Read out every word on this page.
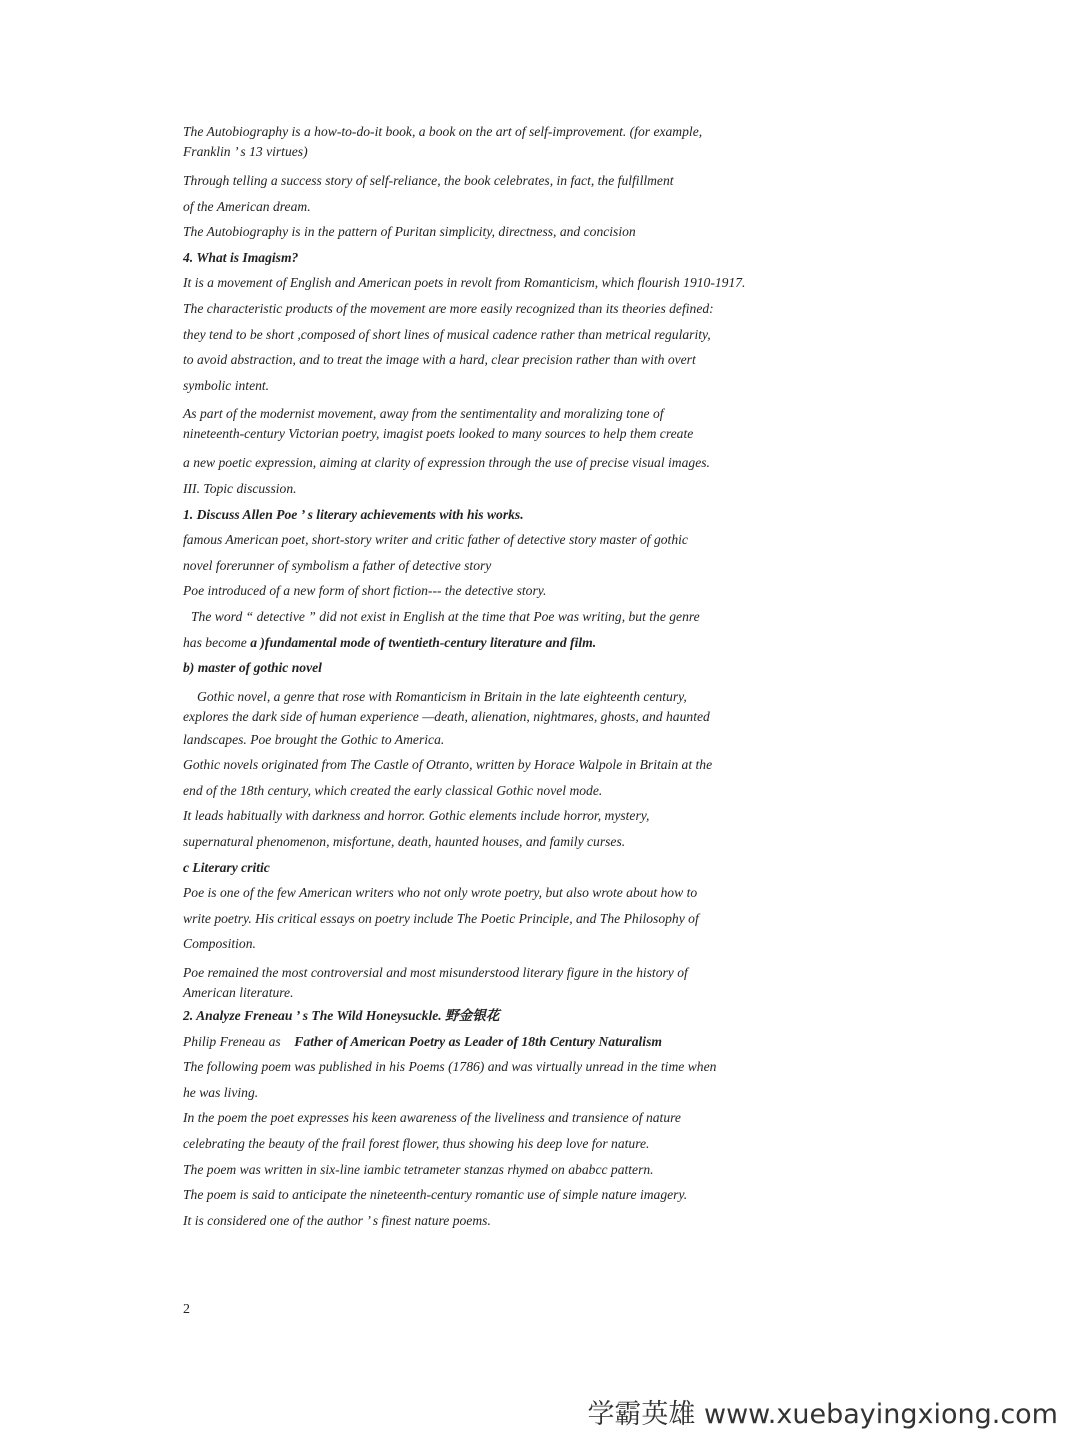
The Autobiography is a how-to-do-it book, a book on the art of self-improvement. (for example,
Franklin ’ s 13 virtues)
Through telling a success story of self-reliance, the book celebrates, in fact, the fulfillment
of the American dream.
The Autobiography is in the pattern of Puritan simplicity, directness, and concision
4. What is Imagism?
It is a movement of English and American poets in revolt from Romanticism, which flourish 1910-1917.
The characteristic products of the movement are more easily recognized than its theories defined:
they tend to be short ,composed of short lines of musical cadence rather than metrical regularity,
to avoid abstraction, and to treat the image with a hard, clear precision rather than with overt
symbolic intent.
As part of the modernist movement, away from the sentimentality and moralizing tone of
nineteenth-century Victorian poetry, imagist poets looked to many sources to help them create
a new poetic expression, aiming at clarity of expression through the use of precise visual images.
III. Topic discussion.
1. Discuss Allen Poe ’ s literary achievements with his works.
famous American poet, short-story writer and critic father of detective story master of gothic
novel forerunner of symbolism a father of detective story
Poe introduced of a new form of short fiction--- the detective story.
The word “ detective ” did not exist in English at the time that Poe was writing, but the genre
has become a )fundamental mode of twentieth-century literature and film.
b) master of gothic novel
Gothic novel, a genre that rose with Romanticism in Britain in the late eighteenth century,
explores the dark side of human experience —death, alienation, nightmares, ghosts, and haunted
landscapes. Poe brought the Gothic to America.
Gothic novels originated from The Castle of Otranto, written by Horace Walpole in Britain at the
end of the 18th century, which created the early classical Gothic novel mode.
It leads habitually with darkness and horror. Gothic elements include horror, mystery,
supernatural phenomenon, misfortune, death, haunted houses, and family curses.
c Literary critic
Poe is one of the few American writers who not only wrote poetry, but also wrote about how to
write poetry. His critical essays on poetry include The Poetic Principle, and The Philosophy of
Composition.
Poe remained the most controversial and most misunderstood literary figure in the history of
American literature.
2. Analyze Freneau ’ s The Wild Honeysuckle. 野金银花
Philip Freneau as Father of American Poetry as Leader of 18th Century Naturalism
The following poem was published in his Poems (1786) and was virtually unread in the time when
he was living.
In the poem the poet expresses his keen awareness of the liveliness and transience of nature
celebrating the beauty of the frail forest flower, thus showing his deep love for nature.
The poem was written in six-line iambic tetrameter stanzas rhymed on ababcc pattern.
The poem is said to anticipate the nineteenth-century romantic use of simple nature imagery.
It is considered one of the author ’ s finest nature poems.
2
学霸英雄 www.xuebayingxiong.com
